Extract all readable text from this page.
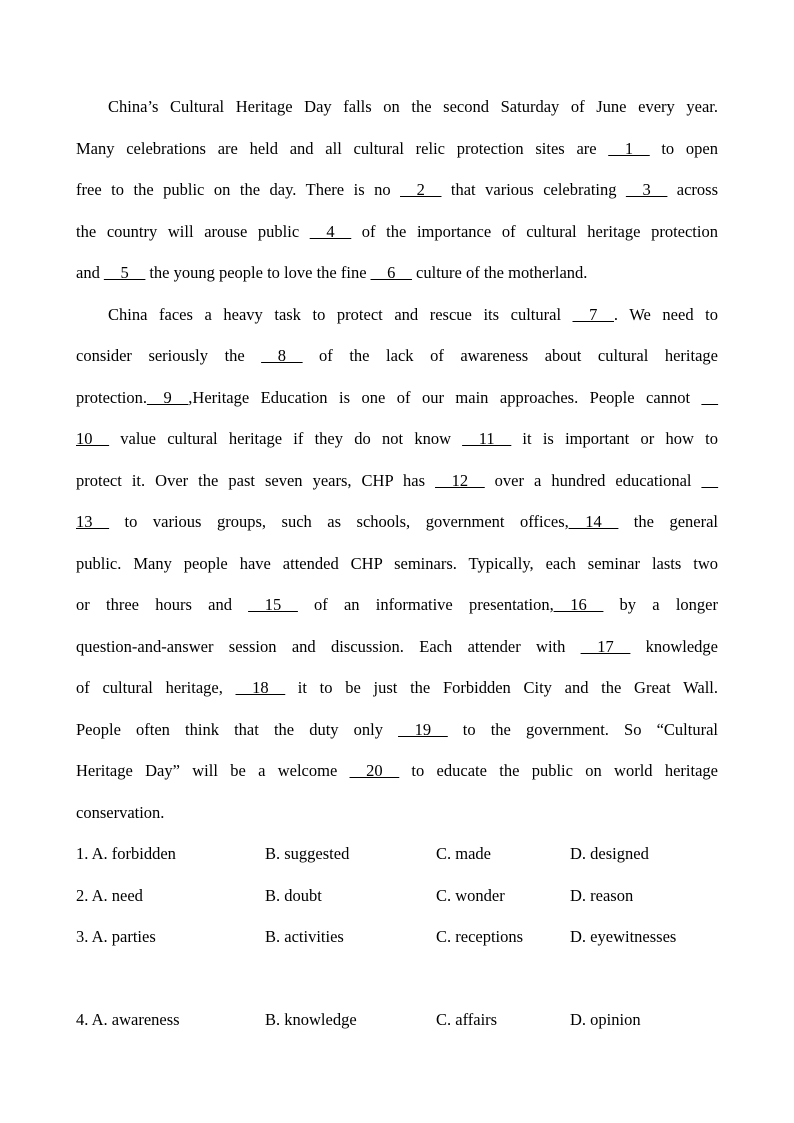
China’s Cultural Heritage Day falls on the second Saturday of June every year.

Many celebrations are held and all cultural relic protection sites are __1__ to open

free to the public on the day. There is no __2__ that various celebrating __3__ across

the country will arouse public __4__ of the importance of cultural heritage protection

and __5__ the young people to love the fine __6__ culture of the motherland.

China faces a heavy task to protect and rescue its cultural __7__. We need to

consider seriously the __8__ of the lack of awareness about cultural heritage

protection.__9__,Heritage Education is one of our main approaches. People cannot __

10__ value cultural heritage if they do not know __11__ it is important or how to

protect it. Over the past seven years, CHP has __12__ over a hundred educational __

13__ to various groups, such as schools, government offices,__14__ the general

public. Many people have attended CHP seminars. Typically, each seminar lasts two

or three hours and __15__ of an informative presentation,__16__ by a longer

question-and-answer session and discussion. Each attender with __17__ knowledge

of cultural heritage, __18__ it to be just the Forbidden City and the Great Wall.

People often think that the duty only __19__ to the government. So “Cultural

Heritage Day” will be a welcome __20__ to educate the public on world heritage

conservation.

1. A. forbidden	B. suggested	C. made	D. designed
2. A. need	B. doubt	C. wonder	D. reason
3. A. parties	B. activities	C. receptions	D. eyewitnesses
4. A. awareness	B. knowledge	C. affairs	D. opinion
